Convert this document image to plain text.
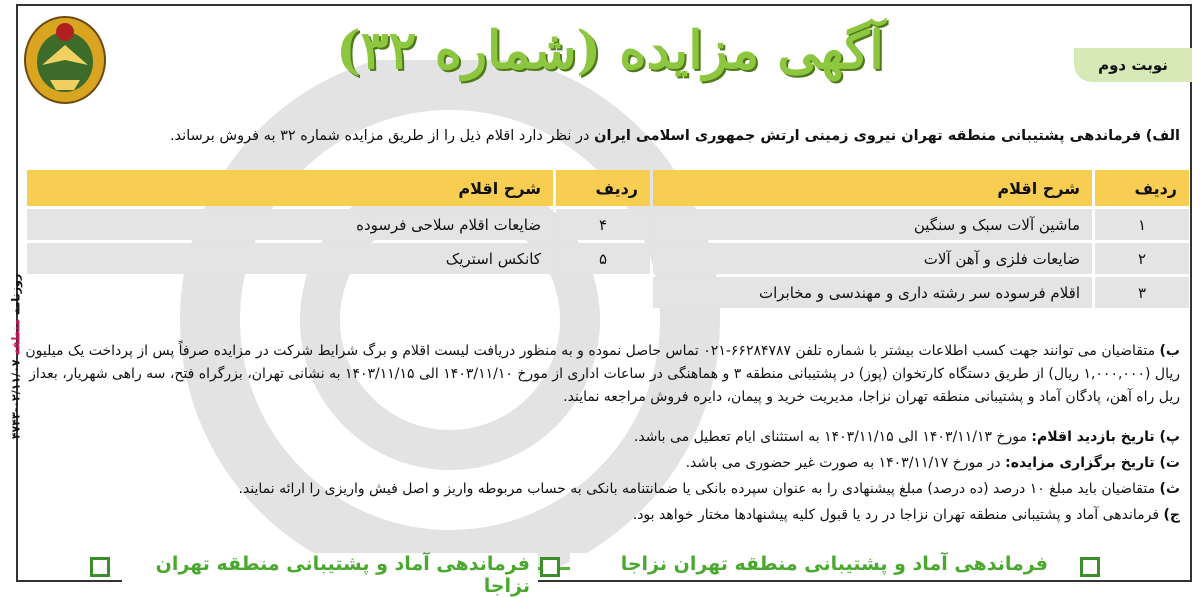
روزنامه منطقه ۰۲/۱۱/۰۷-۴۷۴۳
نوبت دوم
آگهی مزایده (شماره ۳۲)
الف) فرماندهی پشتیبانی منطقه تهران نیروی زمینی ارتش جمهوری اسلامی ایران در نظر دارد اقلام ذیل را از طریق مزایده شماره ۳۲ به فروش برساند.
ردیف	شرح اقلام	ردیف	شرح اقلام
۱	ماشین آلات سبک و سنگین	۴	ضایعات اقلام سلاحی فرسوده
۲	ضایعات فلزی و آهن آلات	۵	کانکس استریک
۳	اقلام فرسوده سر رشته داری و مهندسی و مخابرات		
ب) متقاضیان می توانند جهت کسب اطلاعات بیشتر با شماره تلفن ۶۶۲۸۴۷۸۷-۰۲۱ تماس حاصل نموده و به منظور دریافت لیست اقلام و برگ شرایط شرکت در مزایده صرفاً پس از پرداخت یک میلیون ریال (۱,۰۰۰,۰۰۰ ریال) از طریق دستگاه کارتخوان (پوز) در پشتیبانی منطقه ۳ و هماهنگی در ساعات اداری از مورخ ۱۴۰۳/۱۱/۱۰ الی ۱۴۰۳/۱۱/۱۵ به نشانی تهران، بزرگراه فتح، سه راهی شهریار، بعداز ریل راه آهن، پادگان آماد و پشتیبانی منطقه تهران نزاجا، مدیریت خرید و پیمان، دایره فروش مراجعه نمایند.
پ) تاریخ بازدید اقلام: مورخ ۱۴۰۳/۱۱/۱۳ الی ۱۴۰۳/۱۱/۱۵ به استثنای ایام تعطیل می باشد.
ت) تاریخ برگزاری مزایده: در مورخ ۱۴۰۳/۱۱/۱۷ به صورت غیر حضوری می باشد.
ث) متقاضیان باید مبلغ ۱۰ درصد (ده درصد) مبلغ پیشنهادی را به عنوان سپرده بانکی یا ضمانتنامه بانکی به حساب مربوطه واریز و اصل فیش واریزی را ارائه نمایند.
ج) فرماندهی آماد و پشتیبانی منطقه تهران نزاجا در رد یا قبول کلیه پیشنهادها مختار خواهد بود.
فرماندهی آماد و پشتیبانی منطقه تهران نزاجا
فرماندهی آماد و پشتیبانی منطقه تهران نزاجا
